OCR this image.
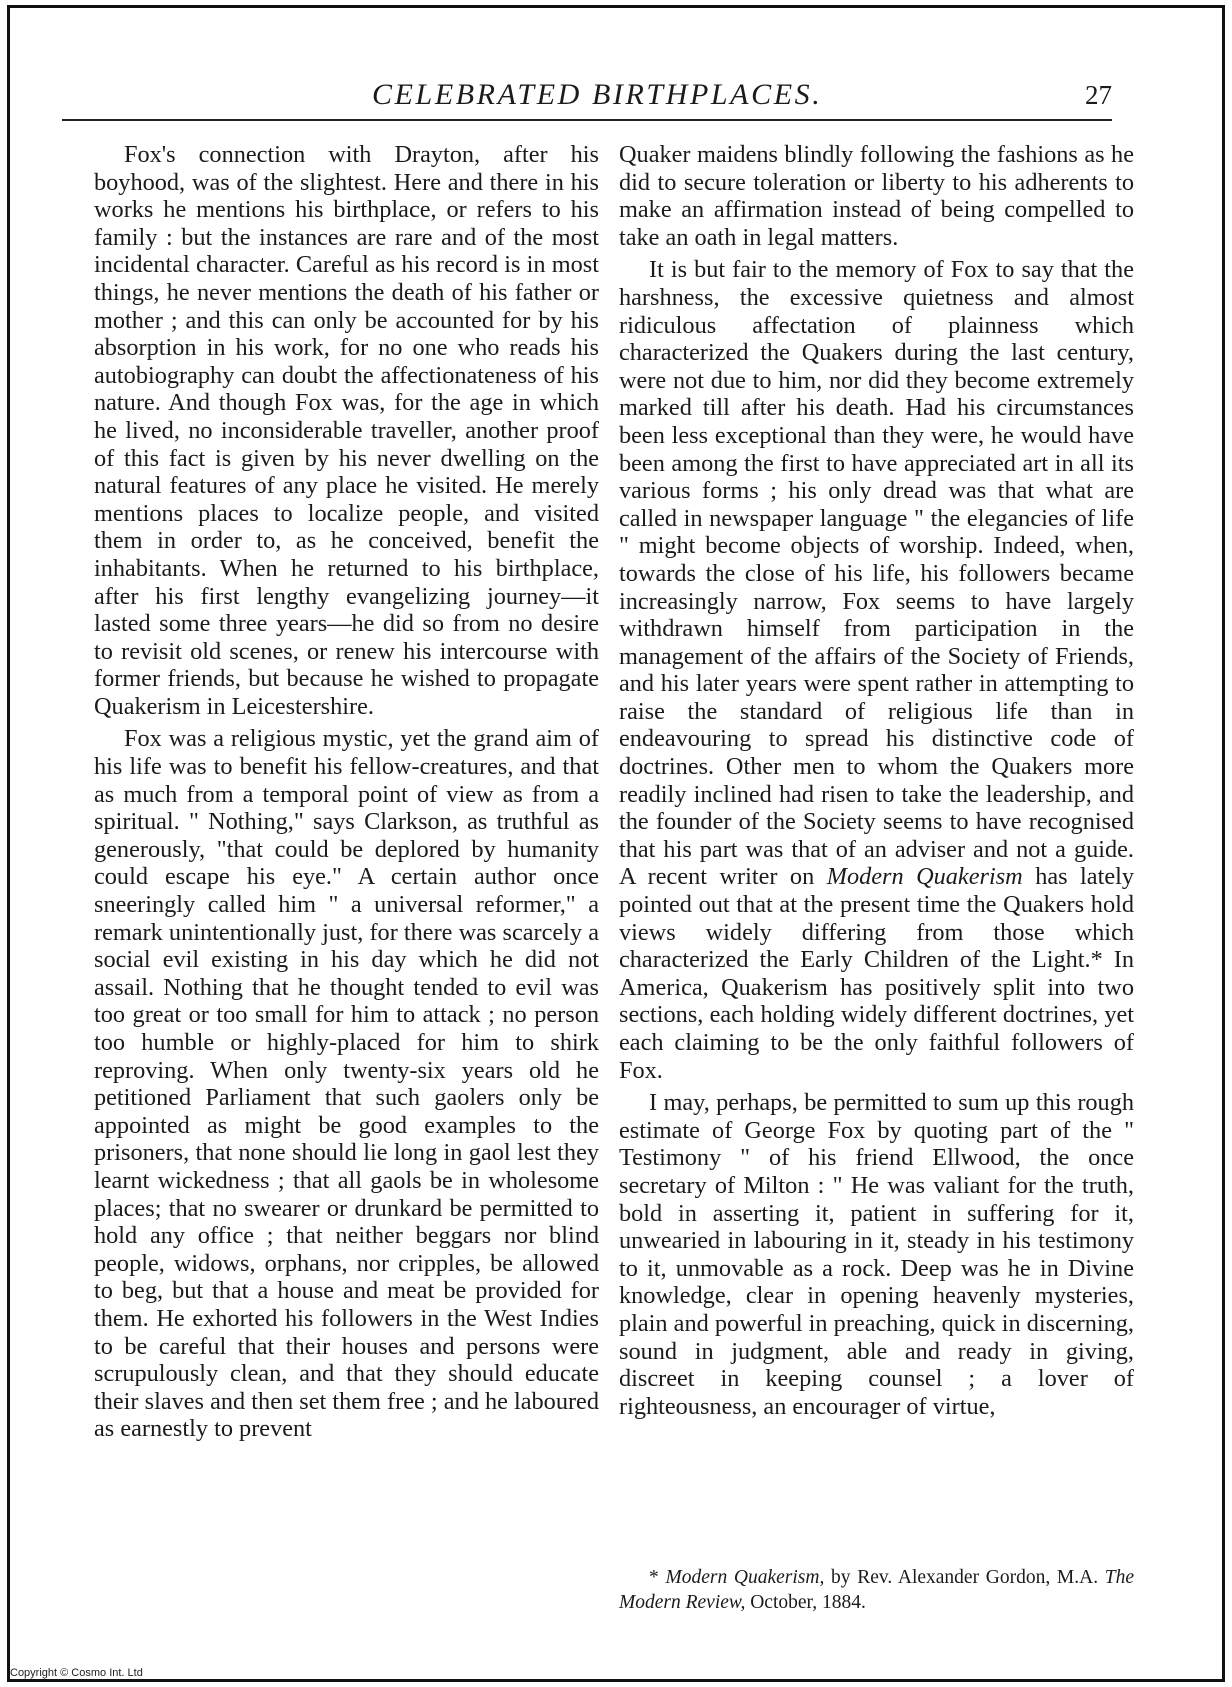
CELEBRATED BIRTHPLACES.	27

Fox's connection with Drayton, after his boyhood, was of the slightest. Here and there in his works he mentions his birthplace, or refers to his family : but the instances are rare and of the most incidental character. Careful as his record is in most things, he never mentions the death of his father or mother ; and this can only be accounted for by his absorption in his work, for no one who reads his autobiography can doubt the affectionateness of his nature. And though Fox was, for the age in which he lived, no inconsiderable traveller, another proof of this fact is given by his never dwelling on the natural features of any place he visited. He merely mentions places to localize people, and visited them in order to, as he conceived, benefit the inhabitants. When he returned to his birthplace, after his first lengthy evangelizing journey—it lasted some three years—he did so from no desire to revisit old scenes, or renew his intercourse with former friends, but because he wished to propagate Quakerism in Leicestershire.

Fox was a religious mystic, yet the grand aim of his life was to benefit his fellow-creatures, and that as much from a temporal point of view as from a spiritual. " Nothing," says Clarkson, as truthful as generously, "that could be deplored by humanity could escape his eye." A certain author once sneeringly called him " a universal reformer," a remark unintentionally just, for there was scarcely a social evil existing in his day which he did not assail. Nothing that he thought tended to evil was too great or too small for him to attack ; no person too humble or highly-placed for him to shirk reproving. When only twenty-six years old he petitioned Parliament that such gaolers only be appointed as might be good examples to the prisoners, that none should lie long in gaol lest they learnt wickedness ; that all gaols be in wholesome places; that no swearer or drunkard be permitted to hold any office ; that neither beggars nor blind people, widows, orphans, nor cripples, be allowed to beg, but that a house and meat be provided for them. He exhorted his followers in the West Indies to be careful that their houses and persons were scrupulously clean, and that they should educate their slaves and then set them free ; and he laboured as earnestly to prevent

Quaker maidens blindly following the fashions as he did to secure toleration or liberty to his adherents to make an affirmation instead of being compelled to take an oath in legal matters.

It is but fair to the memory of Fox to say that the harshness, the excessive quietness and almost ridiculous affectation of plainness which characterized the Quakers during the last century, were not due to him, nor did they become extremely marked till after his death. Had his circumstances been less exceptional than they were, he would have been among the first to have appreciated art in all its various forms ; his only dread was that what are called in newspaper language " the elegancies of life " might become objects of worship. Indeed, when, towards the close of his life, his followers became increasingly narrow, Fox seems to have largely withdrawn himself from participation in the management of the affairs of the Society of Friends, and his later years were spent rather in attempting to raise the standard of religious life than in endeavouring to spread his distinctive code of doctrines. Other men to whom the Quakers more readily inclined had risen to take the leadership, and the founder of the Society seems to have recognised that his part was that of an adviser and not a guide. A recent writer on Modern Quakerism has lately pointed out that at the present time the Quakers hold views widely differing from those which characterized the Early Children of the Light.* In America, Quakerism has positively split into two sections, each holding widely different doctrines, yet each claiming to be the only faithful followers of Fox.

I may, perhaps, be permitted to sum up this rough estimate of George Fox by quoting part of the " Testimony " of his friend Ellwood, the once secretary of Milton : " He was valiant for the truth, bold in asserting it, patient in suffering for it, unwearied in labouring in it, steady in his testimony to it, unmovable as a rock. Deep was he in Divine knowledge, clear in opening heavenly mysteries, plain and powerful in preaching, quick in discerning, sound in judgment, able and ready in giving, discreet in keeping counsel ; a lover of righteousness, an encourager of virtue,

* Modern Quakerism, by Rev. Alexander Gordon, M.A. The Modern Review, October, 1884.

Copyright © Cosmo Int. Ltd
